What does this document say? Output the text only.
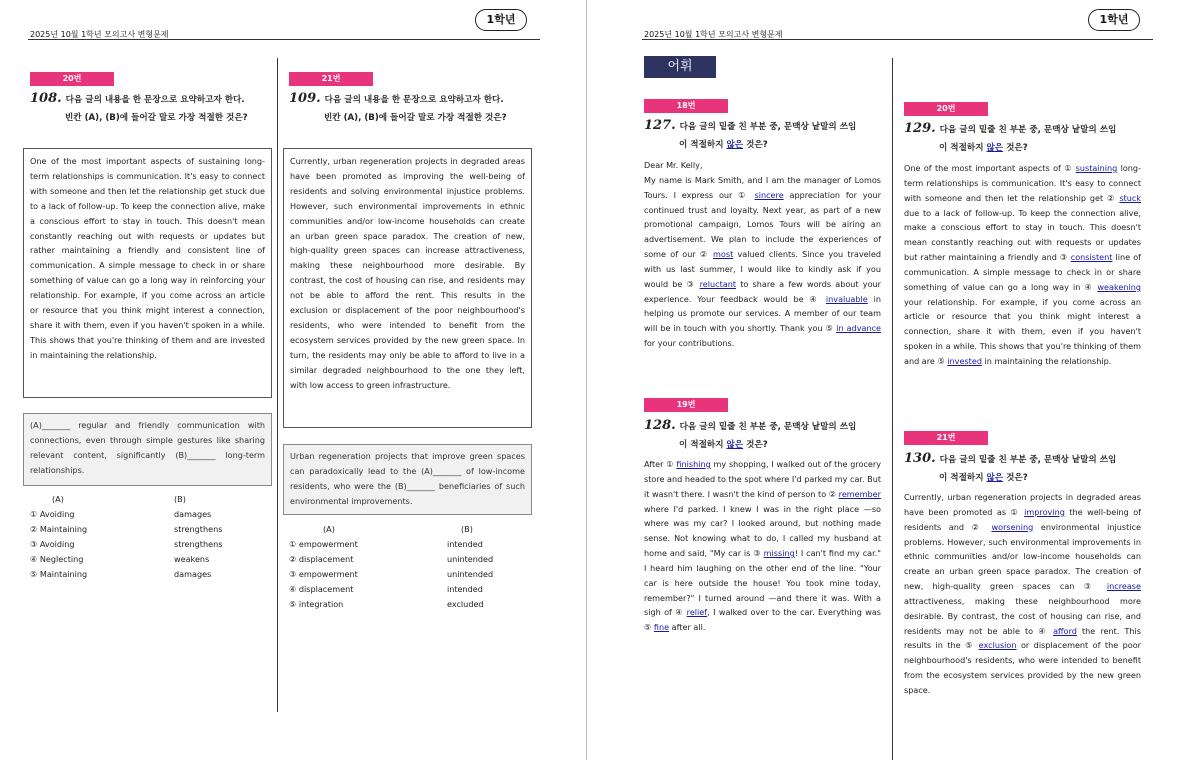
2025년 10월 1학년 모의고사 변형문제
1학년
20번
108. 다음 글의 내용을 한 문장으로 요약하고자 한다.
빈칸 (A), (B)에 들어갈 말로 가장 적절한 것은?
One of the most important aspects of sustaining long-term relationships is communication. It's easy to connect with someone and then let the relationship get stuck due to a lack of follow-up. To keep the connection alive, make a conscious effort to stay in touch. This doesn't mean constantly reaching out with requests or updates but rather maintaining a friendly and consistent line of communication. A simple message to check in or share something of value can go a long way in reinforcing your relationship. For example, if you come across an article or resource that you think might interest a connection, share it with them, even if you haven't spoken in a while. This shows that you're thinking of them and are invested in maintaining the relationship.
(A)_______ regular and friendly communication with connections, even through simple gestures like sharing relevant content, significantly (B)_______ long-term relationships.
(A)	(B)
① Avoiding	damages
② Maintaining	strengthens
③ Avoiding	strengthens
④ Neglecting	weakens
⑤ Maintaining	damages
21번
109. 다음 글의 내용을 한 문장으로 요약하고자 한다.
빈칸 (A), (B)에 들어갈 말로 가장 적절한 것은?
Currently, urban regeneration projects in degraded areas have been promoted as improving the well-being of residents and solving environmental injustice problems. However, such environmental improvements in ethnic communities and/or low-income households can create an urban green space paradox. The creation of new, high-quality green spaces can increase attractiveness, making these neighbourhood more desirable. By contrast, the cost of housing can rise, and residents may not be able to afford the rent. This results in the exclusion or displacement of the poor neighbourhood's residents, who were intended to benefit from the ecosystem services provided by the new green space. In turn, the residents may only be able to afford to live in a similar degraded neighbourhood to the one they left, with low access to green infrastructure.
Urban regeneration projects that improve green spaces can paradoxically lead to the (A)_______ of low-income residents, who were the (B)_______ beneficiaries of such environmental improvements.
(A)	(B)
① empowerment	intended
② displacement	unintended
③ empowerment	unintended
④ displacement	intended
⑤ integration	excluded
2025년 10월 1학년 모의고사 변형문제
1학년
어휘
18번
127. 다음 글의 밑줄 친 부분 중, 문맥상 낱말의 쓰임
이 적절하지 않은 것은?

Dear Mr. Kelly,

My name is Mark Smith, and I am the manager of Lomos Tours. I express our ① sincere appreciation for your continued trust and loyalty. Next year, as part of a new promotional campaign, Lomos Tours will be airing an advertisement. We plan to include the experiences of some of our ② most valued clients. Since you traveled with us last summer, I would like to kindly ask if you would be ③ reluctant to share a few words about your experience. Your feedback would be ④ invaluable in helping us promote our services. A member of our team will be in touch with you shortly. Thank you ⑤ in advance for your contributions.

19번
128. 다음 글의 밑줄 친 부분 중, 문맥상 낱말의 쓰임
이 적절하지 않은 것은?

After ① finishing my shopping, I walked out of the grocery store and headed to the spot where I'd parked my car. But it wasn't there. I wasn't the kind of person to ② remember where I'd parked. I knew I was in the right place —so where was my car? I looked around, but nothing made sense. Not knowing what to do, I called my husband at home and said, "My car is ③ missing! I can't find my car." I heard him laughing on the other end of the line. "Your car is here outside the house! You took mine today, remember?" I turned around —and there it was. With a sigh of ④ relief, I walked over to the car. Everything was ⑤ fine after all.

20번
129. 다음 글의 밑줄 친 부분 중, 문맥상 낱말의 쓰임
이 적절하지 않은 것은?

One of the most important aspects of ① sustaining long-term relationships is communication. It's easy to connect with someone and then let the relationship get ② stuck due to a lack of follow-up. To keep the connection alive, make a conscious effort to stay in touch. This doesn't mean constantly reaching out with requests or updates but rather maintaining a friendly and ③ consistent line of communication. A simple message to check in or share something of value can go a long way in ④ weakening your relationship. For example, if you come across an article or resource that you think might interest a connection, share it with them, even if you haven't spoken in a while. This shows that you're thinking of them and are ⑤ invested in maintaining the relationship.

21번
130. 다음 글의 밑줄 친 부분 중, 문맥상 낱말의 쓰임
이 적절하지 않은 것은?

Currently, urban regeneration projects in degraded areas have been promoted as ① improving the well-being of residents and ② worsening environmental injustice problems. However, such environmental improvements in ethnic communities and/or low-income households can create an urban green space paradox. The creation of new, high-quality green spaces can ③ increase attractiveness, making these neighbourhood more desirable. By contrast, the cost of housing can rise, and residents may not be able to ④ afford the rent. This results in the ⑤ exclusion or displacement of the poor neighbourhood's residents, who were intended to benefit from the ecosystem services provided by the new green space.
